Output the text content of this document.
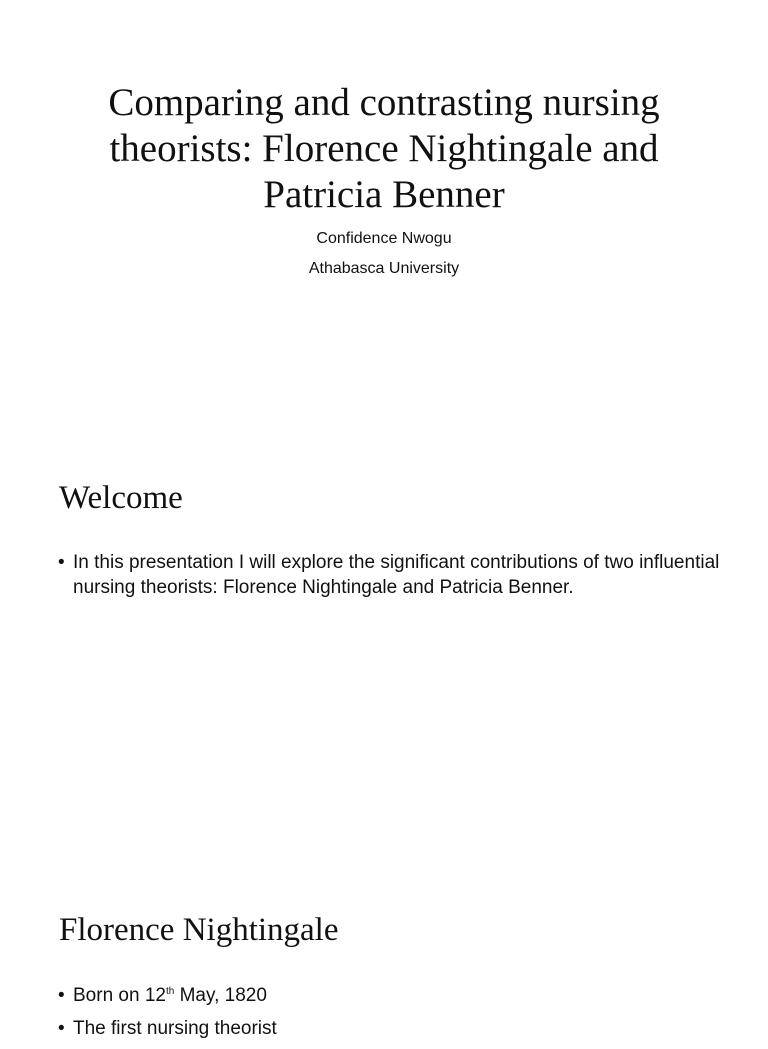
Comparing and contrasting nursing theorists: Florence Nightingale and Patricia Benner
Confidence Nwogu
Athabasca University
Welcome
• In this presentation I will explore the significant contributions of two influential nursing theorists: Florence Nightingale and Patricia Benner.
Florence Nightingale
• Born on 12th May, 1820
• The first nursing theorist
